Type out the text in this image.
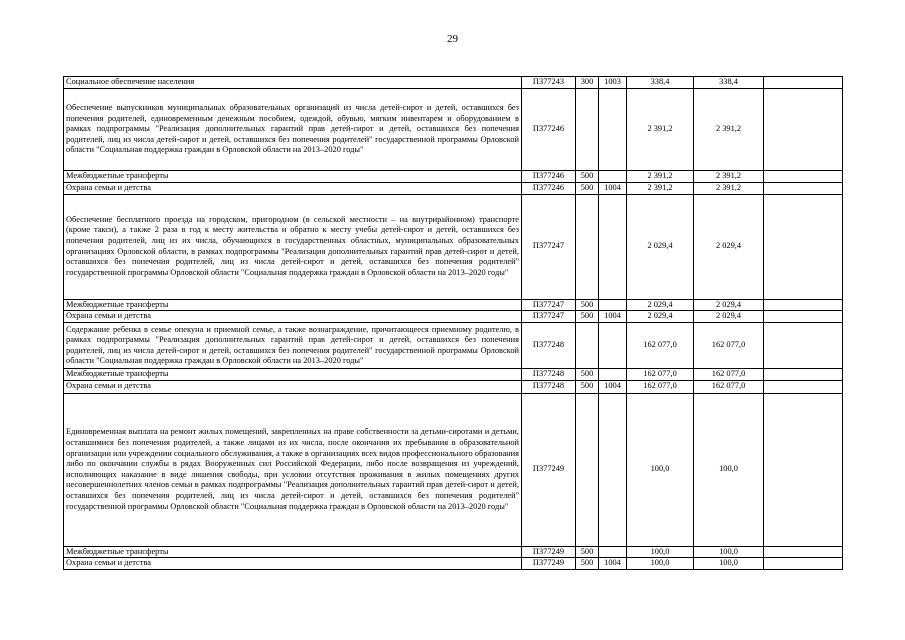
29
Социальное обеспечение населения	П377243	300	1003	338,4	338,4	
Обеспечение выпускников муниципальных образовательных организаций из числа детей-сирот и детей, оставшихся без попечения родителей, единовременным денежным пособием, одеждой, обувью, мягким инвентарем и оборудованием в рамках подпрограммы "Реализация дополнительных гарантий прав детей-сирот и детей, оставшихся без попечения родителей, лиц из числа детей-сирот и детей, оставшихся без попечения родителей" государственной программы Орловской области "Социальная поддержка граждан в Орловской области на 2013–2020 годы"	П377246			2 391,2	2 391,2	
Межбюджетные трансферты	П377246	500		2 391,2	2 391,2	
Охрана семьи и детства	П377246	500	1004	2 391,2	2 391,2	
Обеспечение бесплатного проезда на городском, пригородном (в сельской местности – на внутрирайонном) транспорте (кроме такси), а также 2 раза в год к месту жительства и обратно к месту учебы детей-сирот и детей, оставшихся без попечения родителей, лиц из их числа, обучающихся в государственных областных, муниципальных образовательных организациях Орловской области, в рамках подпрограммы "Реализация дополнительных гарантий прав детей-сирот и детей, оставшихся без попечения родителей, лиц из числа детей-сирот и детей, оставшихся без попечения родителей" государственной программы Орловской области "Социальная поддержка граждан в Орловской области на 2013–2020 годы"	П377247			2 029,4	2 029,4	
Межбюджетные трансферты	П377247	500		2 029,4	2 029,4	
Охрана семьи и детства	П377247	500	1004	2 029,4	2 029,4	
Содержание ребенка в семье опекуна и приемной семье, а также вознаграждение, причитающееся приемному родителю, в рамках подпрограммы "Реализация дополнительных гарантий прав детей-сирот и детей, оставшихся без попечения родителей, лиц из числа детей-сирот и детей, оставшихся без попечения родителей" государственной программы Орловской области "Социальная поддержка граждан в Орловской области на 2013–2020 годы"	П377248			162 077,0	162 077,0	
Межбюджетные трансферты	П377248	500		162 077,0	162 077,0	
Охрана семьи и детства	П377248	500	1004	162 077,0	162 077,0	
Единовременная выплата на ремонт жилых помещений, закрепленных на праве собственности за детьми-сиротами и детьми, оставшимися без попечения родителей, а также лицами из их числа, после окончания их пребывания в образовательной организации или учреждении социального обслуживания, а также в организациях всех видов профессионального образования либо по окончании службы в рядах Вооруженных сил Российской Федерации, либо после возвращения из учреждений, исполняющих наказание в виде лишения свободы, при условии отсутствия проживания в жилых помещениях других несовершеннолетних членов семьи в рамках подпрограммы "Реализация дополнительных гарантий прав детей-сирот и детей, оставшихся без попечения родителей, лиц из числа детей-сирот и детей, оставшихся без попечения родителей" государственной программы Орловской области "Социальная поддержка граждан в Орловской области на 2013–2020 годы"	П377249			100,0	100,0	
Межбюджетные трансферты	П377249	500		100,0	100,0	
Охрана семьи и детства	П377249	500	1004	100,0	100,0	
